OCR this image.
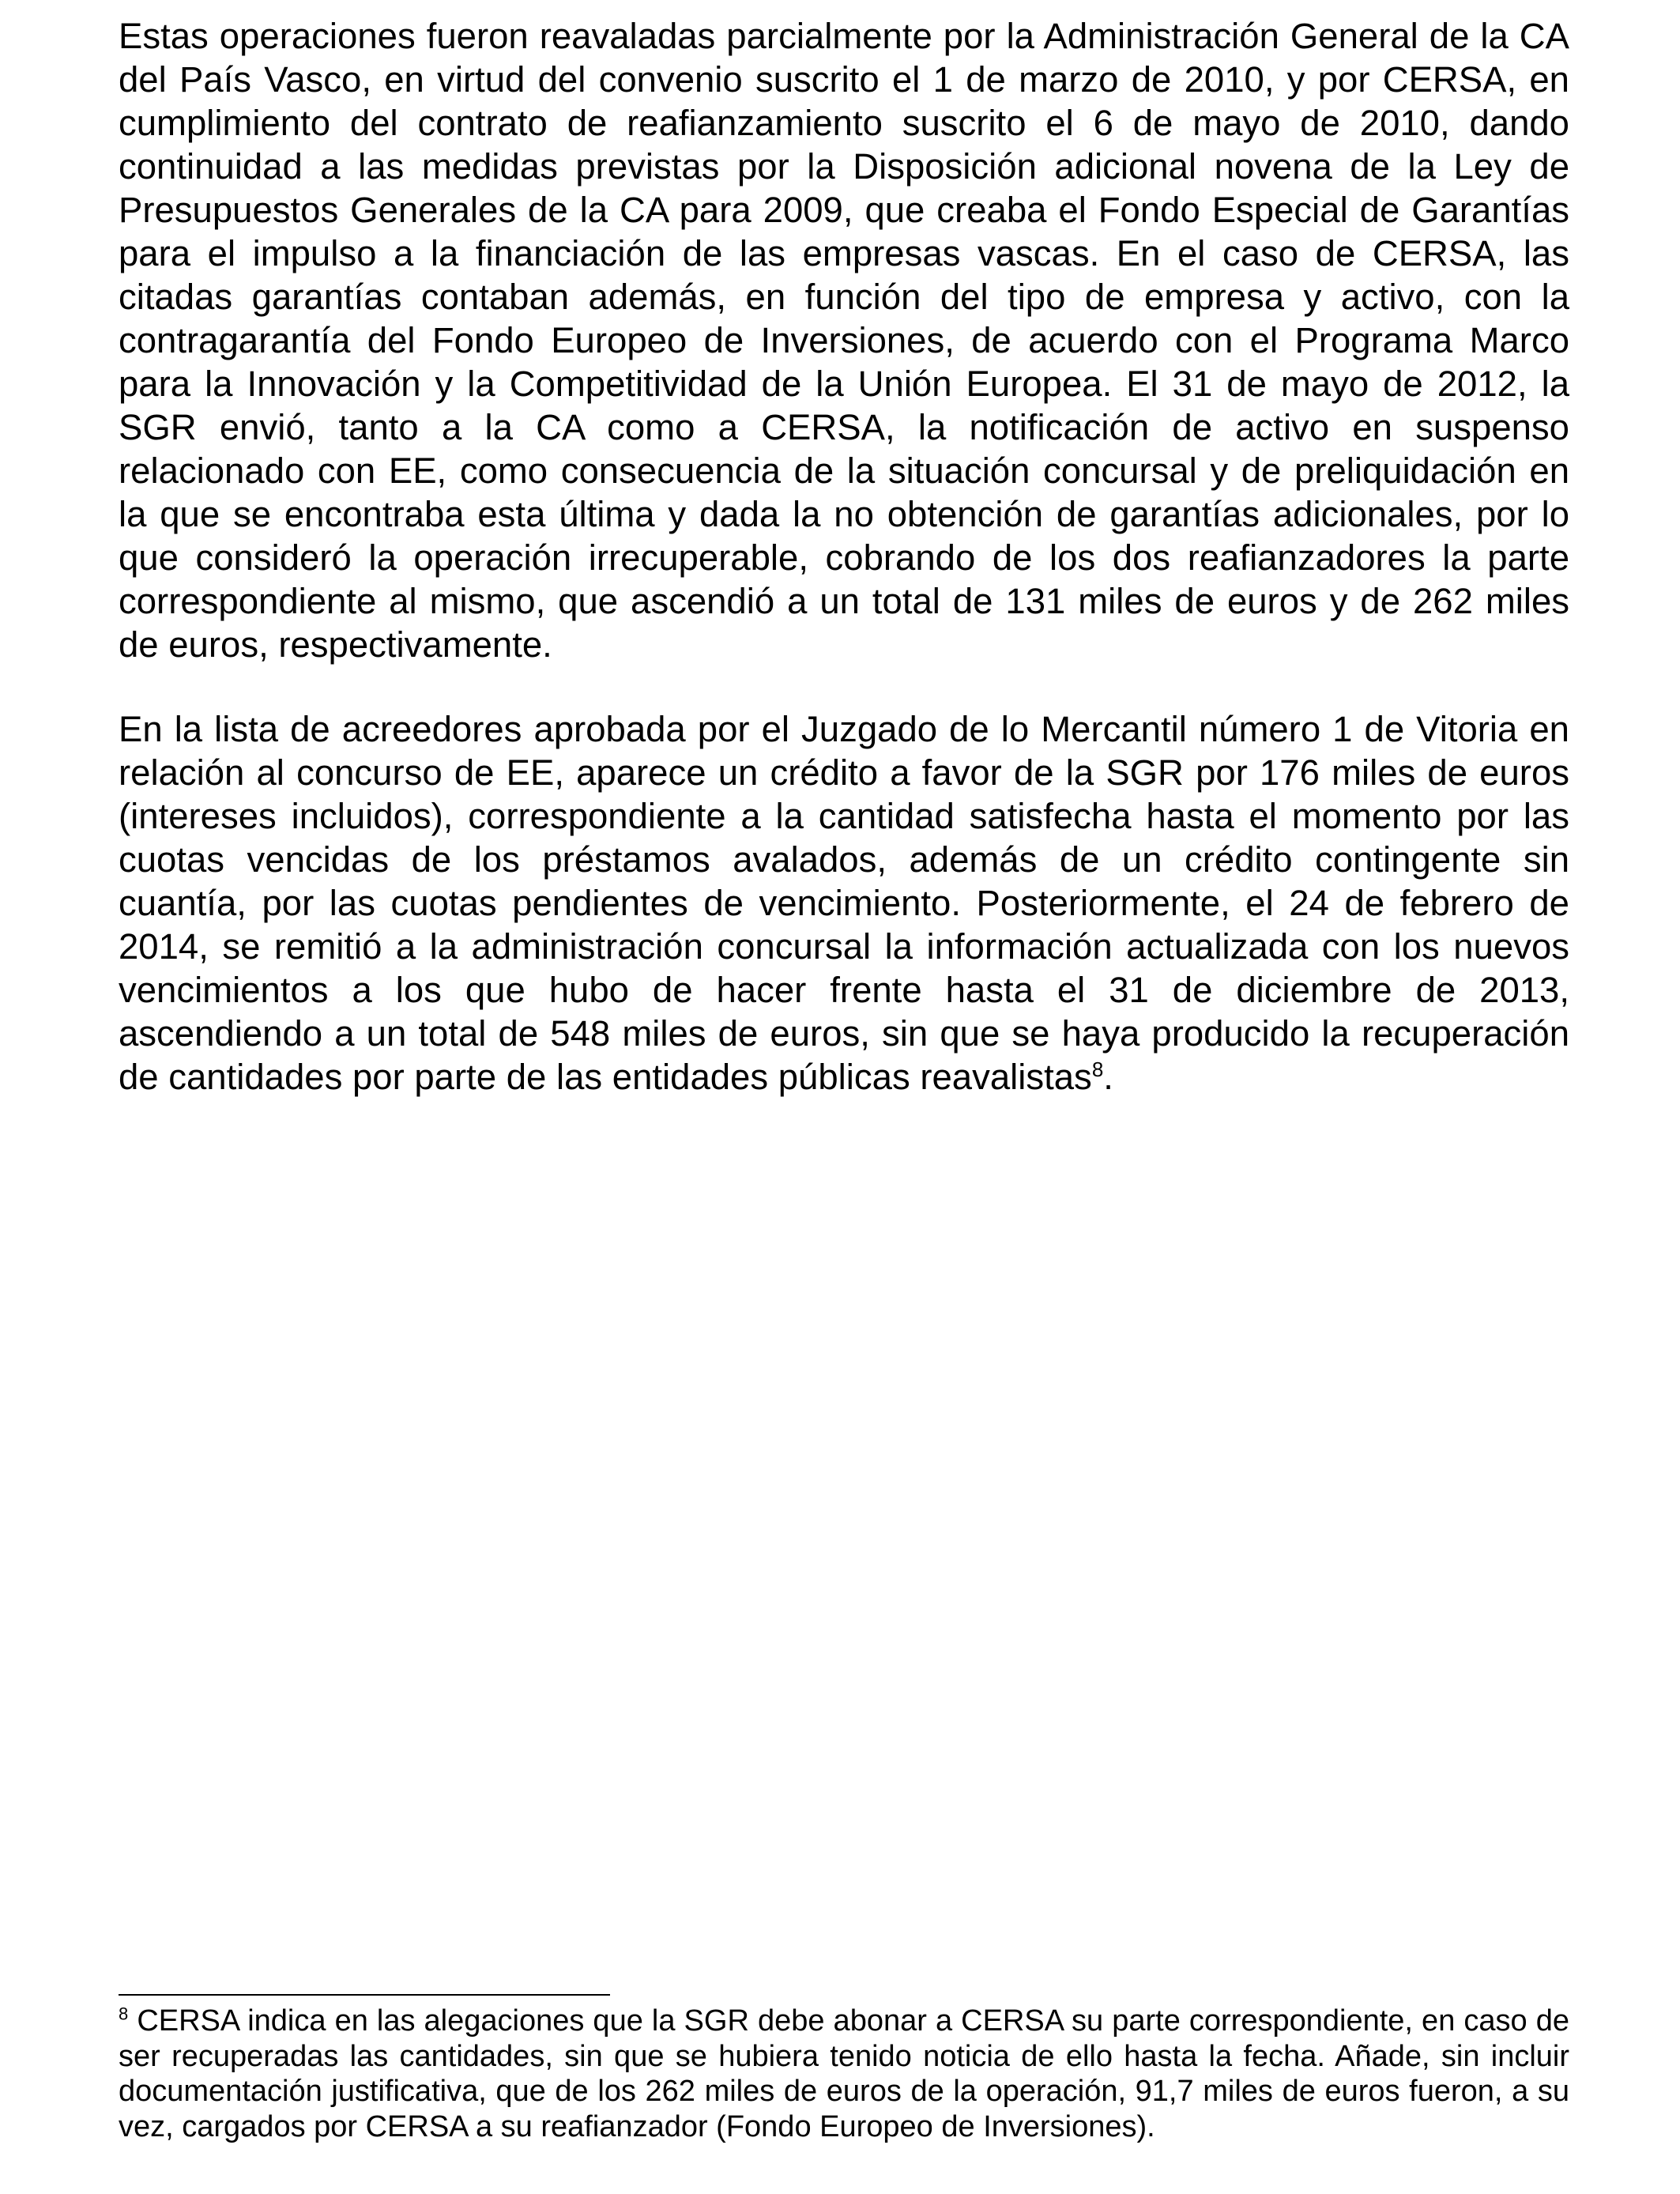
Estas operaciones fueron reavaladas parcialmente por la Administración General de la CA del País Vasco, en virtud del convenio suscrito el 1 de marzo de 2010, y por CERSA, en cumplimiento del contrato de reafianzamiento suscrito el 6 de mayo de 2010, dando continuidad a las medidas previstas por la Disposición adicional novena de la Ley de Presupuestos Generales de la CA para 2009, que creaba el Fondo Especial de Garantías para el impulso a la financiación de las empresas vascas. En el caso de CERSA, las citadas garantías contaban además, en función del tipo de empresa y activo, con la contragarantía del Fondo Europeo de Inversiones, de acuerdo con el Programa Marco para la Innovación y la Competitividad de la Unión Europea. El 31 de mayo de 2012, la SGR envió, tanto a la CA como a CERSA, la notificación de activo en suspenso relacionado con EE, como consecuencia de la situación concursal y de preliquidación en la que se encontraba esta última y dada la no obtención de garantías adicionales, por lo que consideró la operación irrecuperable, cobrando de los dos reafianzadores la parte correspondiente al mismo, que ascendió a un total de 131 miles de euros y de 262 miles de euros, respectivamente.

En la lista de acreedores aprobada por el Juzgado de lo Mercantil número 1 de Vitoria en relación al concurso de EE, aparece un crédito a favor de la SGR por 176 miles de euros (intereses incluidos), correspondiente a la cantidad satisfecha hasta el momento por las cuotas vencidas de los préstamos avalados, además de un crédito contingente sin cuantía, por las cuotas pendientes de vencimiento. Posteriormente, el 24 de febrero de 2014, se remitió a la administración concursal la información actualizada con los nuevos vencimientos a los que hubo de hacer frente hasta el 31 de diciembre de 2013, ascendiendo a un total de 548 miles de euros, sin que se haya producido la recuperación de cantidades por parte de las entidades públicas reavalistas$^8$.

$^8$ CERSA indica en las alegaciones que la SGR debe abonar a CERSA su parte correspondiente, en caso de ser recuperadas las cantidades, sin que se hubiera tenido noticia de ello hasta la fecha. Añade, sin incluir documentación justificativa, que de los 262 miles de euros de la operación, 91,7 miles de euros fueron, a su vez, cargados por CERSA a su reafianzador (Fondo Europeo de Inversiones).
